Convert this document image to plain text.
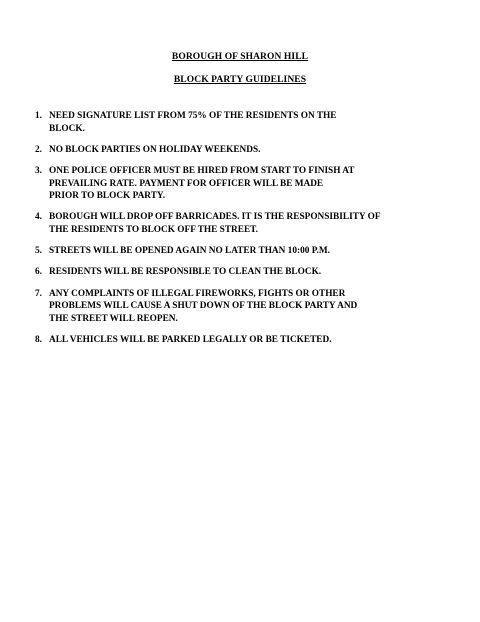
BOROUGH OF SHARON HILL
BLOCK PARTY GUIDELINES
1. NEED SIGNATURE LIST FROM 75% OF THE RESIDENTS ON THE
BLOCK.
2. NO BLOCK PARTIES ON HOLIDAY WEEKENDS.
3. ONE POLICE OFFICER MUST BE HIRED FROM START TO FINISH AT
PREVAILING RATE. PAYMENT FOR OFFICER WILL BE MADE
PRIOR TO BLOCK PARTY.
4. BOROUGH WILL DROP OFF BARRICADES. IT IS THE RESPONSIBILITY OF
THE RESIDENTS TO BLOCK OFF THE STREET.
5. STREETS WILL BE OPENED AGAIN NO LATER THAN 10:00 P.M.
6. RESIDENTS WILL BE RESPONSIBLE TO CLEAN THE BLOCK.
7. ANY COMPLAINTS OF ILLEGAL FIREWORKS, FIGHTS OR OTHER
PROBLEMS WILL CAUSE A SHUT DOWN OF THE BLOCK PARTY AND
THE STREET WILL REOPEN.
8. ALL VEHICLES WILL BE PARKED LEGALLY OR BE TICKETED.
